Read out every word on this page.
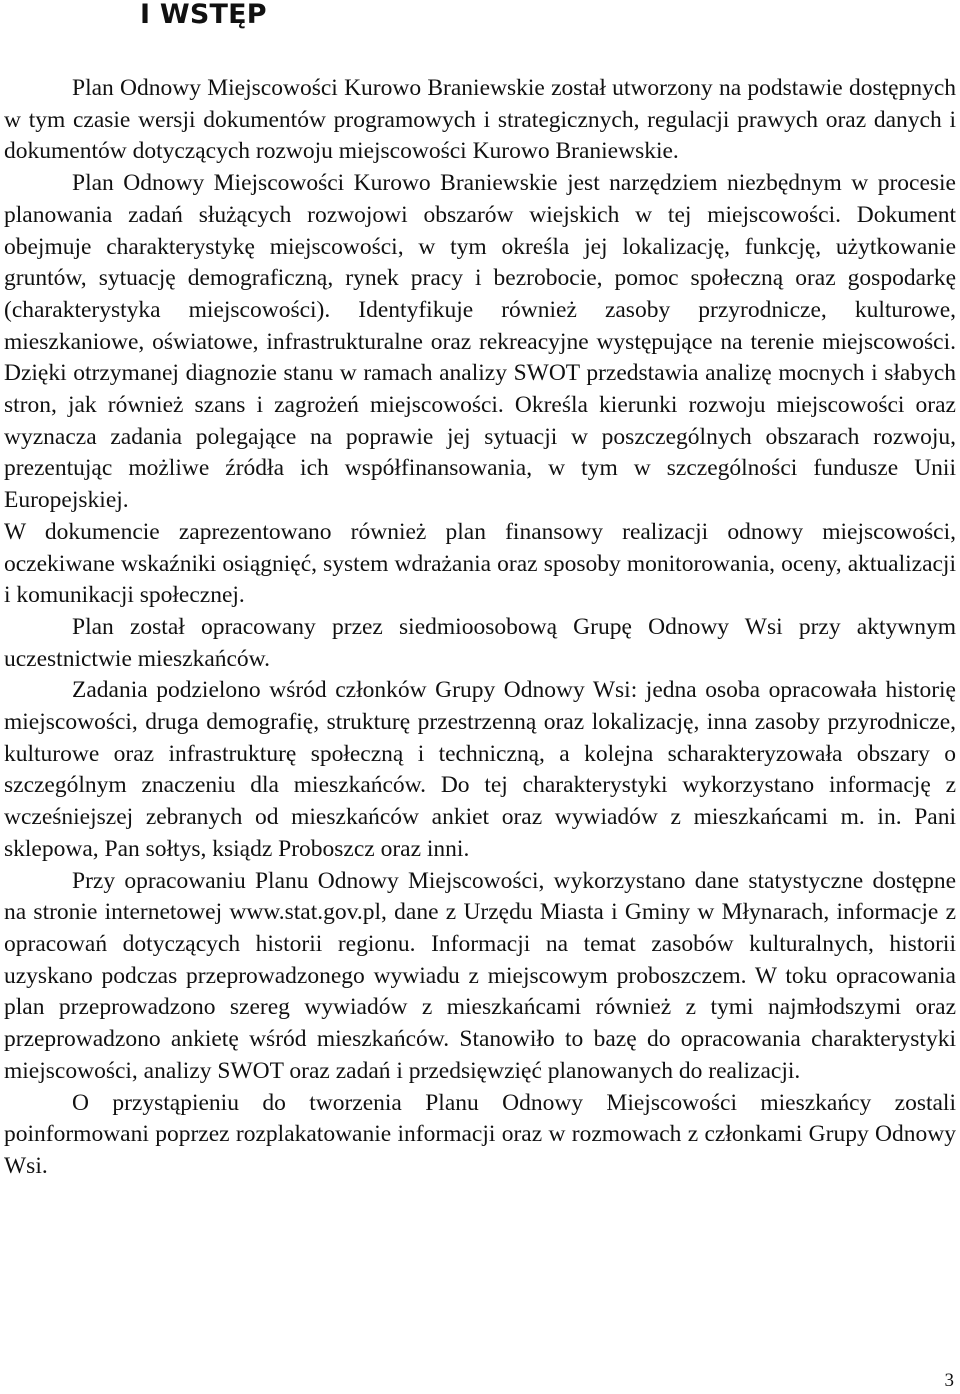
I WSTĘP

Plan Odnowy Miejscowości Kurowo Braniewskie został utworzony na podstawie dostępnych w tym czasie wersji dokumentów programowych i strategicznych, regulacji prawych oraz danych i dokumentów dotyczących rozwoju miejscowości Kurowo Braniewskie.

Plan Odnowy Miejscowości Kurowo Braniewskie jest narzędziem niezbędnym w procesie planowania zadań służących rozwojowi obszarów wiejskich w tej miejscowości. Dokument obejmuje charakterystykę miejscowości, w tym określa jej lokalizację, funkcję, użytkowanie gruntów, sytuację demograficzną, rynek pracy i bezrobocie, pomoc społeczną oraz gospodarkę (charakterystyka miejscowości). Identyfikuje również zasoby przyrodnicze, kulturowe, mieszkaniowe, oświatowe, infrastrukturalne oraz rekreacyjne występujące na terenie miejscowości. Dzięki otrzymanej diagnozie stanu w ramach analizy SWOT przedstawia analizę mocnych i słabych stron, jak również szans i zagrożeń miejscowości. Określa kierunki rozwoju miejscowości oraz wyznacza zadania polegające na poprawie jej sytuacji w poszczególnych obszarach rozwoju, prezentując możliwe źródła ich współfinansowania, w tym w szczególności fundusze Unii Europejskiej.

W dokumencie zaprezentowano również plan finansowy realizacji odnowy miejscowości, oczekiwane wskaźniki osiągnięć, system wdrażania oraz sposoby monitorowania, oceny, aktualizacji i komunikacji społecznej.

Plan został opracowany przez siedmioosobową Grupę Odnowy Wsi przy aktywnym uczestnictwie mieszkańców.

Zadania podzielono wśród członków Grupy Odnowy Wsi: jedna osoba opracowała historię miejscowości, druga demografię, strukturę przestrzenną oraz lokalizację, inna zasoby przyrodnicze, kulturowe oraz infrastrukturę społeczną i techniczną, a kolejna scharakteryzowała obszary o szczególnym znaczeniu dla mieszkańców. Do tej charakterystyki wykorzystano informację z wcześniejszej zebranych od mieszkańców ankiet oraz wywiadów z mieszkańcami m. in. Pani sklepowa, Pan sołtys, ksiądz Proboszcz oraz inni.

Przy opracowaniu Planu Odnowy Miejscowości, wykorzystano dane statystyczne dostępne na stronie internetowej www.stat.gov.pl, dane z Urzędu Miasta i Gminy w Młynarach, informacje z opracowań dotyczących historii regionu. Informacji na temat zasobów kulturalnych, historii uzyskano podczas przeprowadzonego wywiadu z miejscowym proboszczem. W toku opracowania plan przeprowadzono szereg wywiadów z mieszkańcami również z tymi najmłodszymi oraz przeprowadzono ankietę wśród mieszkańców. Stanowiło to bazę do opracowania charakterystyki miejscowości, analizy SWOT oraz zadań i przedsięwzięć planowanych do realizacji.

O przystąpieniu do tworzenia Planu Odnowy Miejscowości mieszkańcy zostali poinformowani poprzez rozplakatowanie informacji oraz w rozmowach z członkami Grupy Odnowy Wsi.

3
